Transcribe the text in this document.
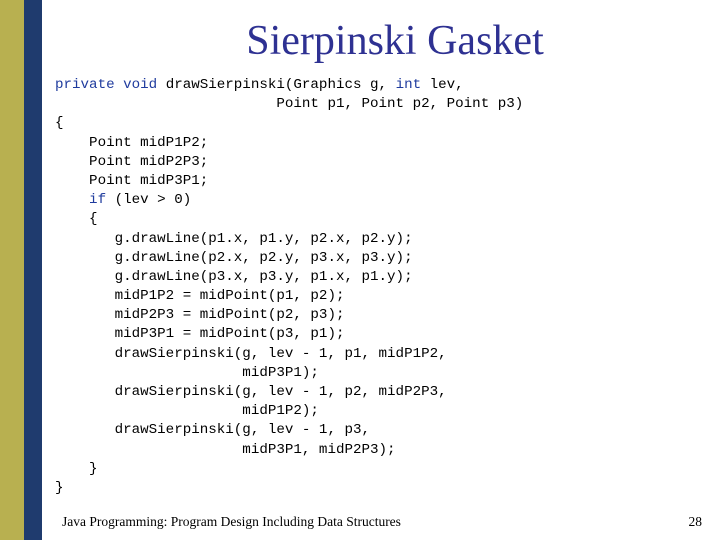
Sierpinski Gasket
private void drawSierpinski(Graphics g, int lev,
Point p1, Point p2, Point p3)
{
Point midP1P2;
Point midP2P3;
Point midP3P1;
if (lev > 0)
{
g.drawLine(p1.x, p1.y, p2.x, p2.y);
g.drawLine(p2.x, p2.y, p3.x, p3.y);
g.drawLine(p3.x, p3.y, p1.x, p1.y);
midP1P2 = midPoint(p1, p2);
midP2P3 = midPoint(p2, p3);
midP3P1 = midPoint(p3, p1);
drawSierpinski(g, lev - 1, p1, midP1P2,
midP3P1);
drawSierpinski(g, lev - 1, p2, midP2P3,
midP1P2);
drawSierpinski(g, lev - 1, p3,
midP3P1, midP2P3);
}
}
Java Programming: Program Design Including Data Structures	28
